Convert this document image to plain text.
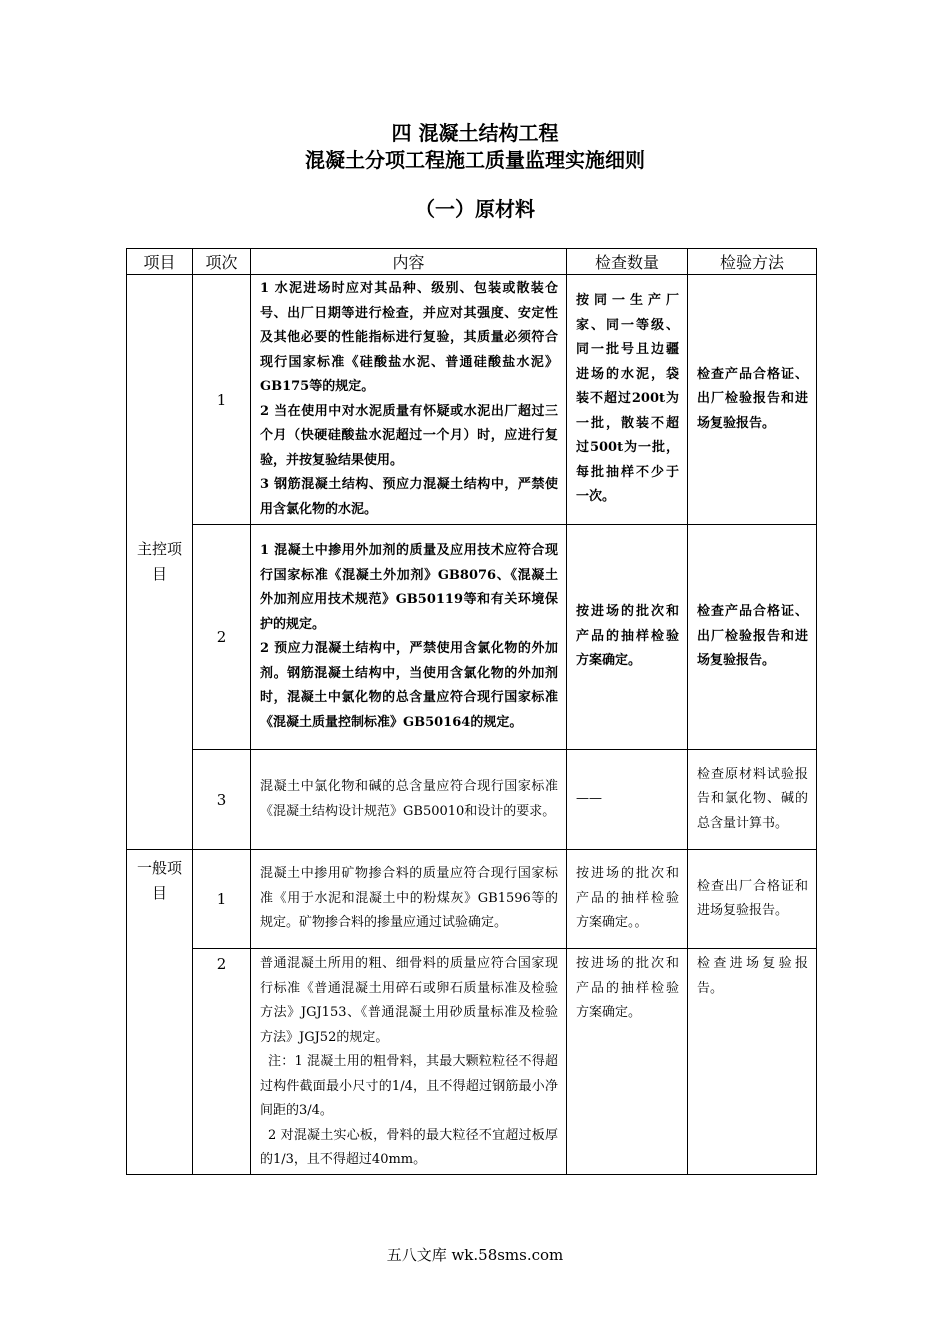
四 混凝土结构工程
混凝土分项工程施工质量监理实施细则
（一）原材料
项目	项次	内容	检查数量	检验方法
主控项目	1	1 水泥进场时应对其品种、级别、包装或散装仓号、出厂日期等进行检查，并应对其强度、安定性及其他必要的性能指标进行复验，其质量必须符合现行国家标准《硅酸盐水泥、普通硅酸盐水泥》GB175等的规定。
2 当在使用中对水泥质量有怀疑或水泥出厂超过三个月（快硬硅酸盐水泥超过一个月）时，应进行复验，并按复验结果使用。
3 钢筋混凝土结构、预应力混凝土结构中，严禁使用含氯化物的水泥。	按同一生产厂家、同一等级、同一批号且边疆进场的水泥，袋装不超过200t为一批，散装不超过500t为一批，每批抽样不少于一次。	检查产品合格证、出厂检验报告和进场复验报告。
	2	1 混凝土中掺用外加剂的质量及应用技术应符合现行国家标准《混凝土外加剂》GB8076、《混凝土外加剂应用技术规范》GB50119等和有关环境保护的规定。
2 预应力混凝土结构中，严禁使用含氯化物的外加剂。钢筋混凝土结构中，当使用含氯化物的外加剂时，混凝土中氯化物的总含量应符合现行国家标准《混凝土质量控制标准》GB50164的规定。	按进场的批次和产品的抽样检验方案确定。	检查产品合格证、出厂检验报告和进场复验报告。
	3	混凝土中氯化物和碱的总含量应符合现行国家标准《混凝土结构设计规范》GB50010和设计的要求。	——	检查原材料试验报告和氯化物、碱的总含量计算书。
一般项目	1	混凝土中掺用矿物掺合料的质量应符合现行国家标准《用于水泥和混凝土中的粉煤灰》GB1596等的规定。矿物掺合料的掺量应通过试验确定。	按进场的批次和产品的抽样检验方案确定。。	检查出厂合格证和进场复验报告。
	2	普通混凝土所用的粗、细骨料的质量应符合国家现行标准《普通混凝土用碎石或卵石质量标准及检验方法》JGJ153、《普通混凝土用砂质量标准及检验方法》JGJ52的规定。
注：1 混凝土用的粗骨料，其最大颗粒粒径不得超过构件截面最小尺寸的1/4，且不得超过钢筋最小净间距的3/4。
2 对混凝土实心板，骨料的最大粒径不宜超过板厚的1/3，且不得超过40mm。	按进场的批次和产品的抽样检验方案确定。	检查进场复验报告。
五八文库 wk.58sms.com
